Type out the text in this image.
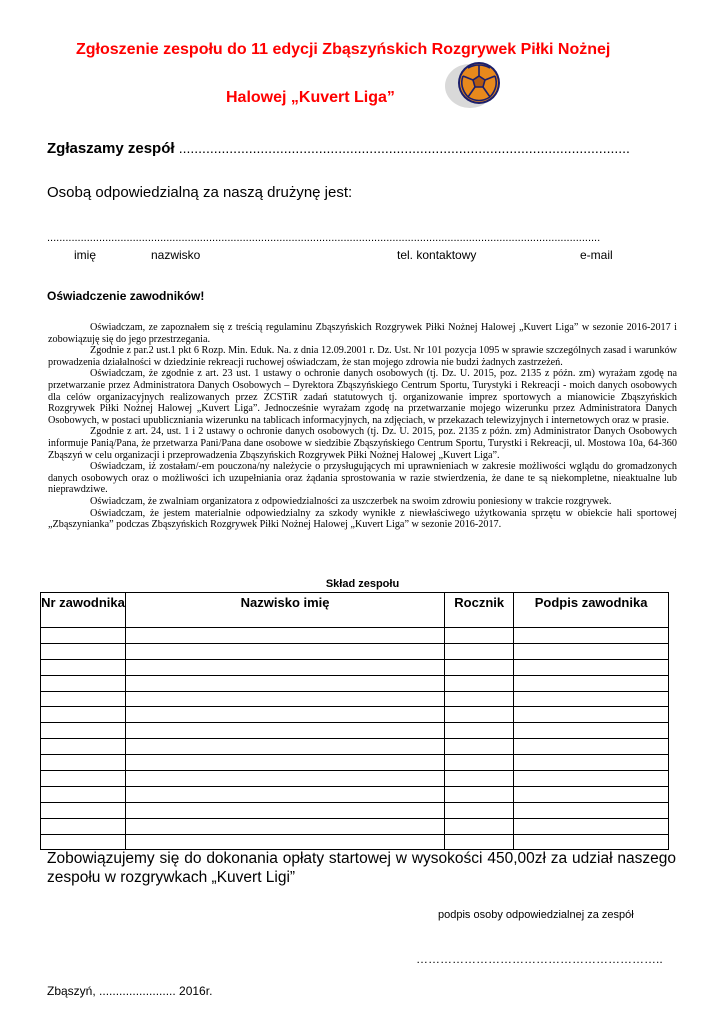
Zgłoszenie zespołu do 11 edycji Zbąszyńskich Rozgrywek Piłki Nożnej
Halowej „Kuvert Liga”
Zgłaszamy zespół ....................................................................................................................
Osobą odpowiedzialną za naszą drużynę jest:
.....................................................................................................................................................................................
imię	nazwisko	tel. kontaktowy	e-mail
Oświadczenie zawodników!

Oświadczam, ze zapoznałem się z treścią regulaminu Zbąszyńskich Rozgrywek Piłki Nożnej Halowej „Kuvert Liga” w sezonie 2016-2017 i zobowiązuję się do jego przestrzegania.

Zgodnie z par.2 ust.1 pkt 6 Rozp. Min. Eduk. Na. z dnia 12.09.2001 r. Dz. Ust. Nr 101 pozycja 1095 w sprawie szczególnych zasad i warunków prowadzenia działalności w dziedzinie rekreacji ruchowej oświadczam, że stan mojego zdrowia nie budzi żadnych zastrzeżeń.

Oświadczam, że zgodnie z art. 23 ust. 1 ustawy o ochronie danych osobowych (tj. Dz. U. 2015, poz. 2135 z późn. zm) wyrażam zgodę na przetwarzanie przez Administratora Danych Osobowych – Dyrektora Zbąszyńskiego Centrum Sportu, Turystyki i Rekreacji - moich danych osobowych dla celów organizacyjnych realizowanych przez ZCSTiR zadań statutowych tj. organizowanie imprez sportowych a mianowicie Zbąszyńskich Rozgrywek Piłki Nożnej Halowej „Kuvert Liga”. Jednocześnie wyrażam zgodę na przetwarzanie mojego wizerunku przez Administratora Danych Osobowych, w postaci upubliczniania wizerunku na tablicach informacyjnych, na zdjęciach, w przekazach telewizyjnych i internetowych oraz w prasie.

Zgodnie z art. 24, ust. 1 i 2 ustawy o ochronie danych osobowych (tj. Dz. U. 2015, poz. 2135 z późn. zm) Administrator Danych Osobowych informuje Panią/Pana, że przetwarza Pani/Pana dane osobowe w siedzibie Zbąszyńskiego Centrum Sportu, Turystki i Rekreacji, ul. Mostowa 10a, 64-360 Zbąszyń w celu organizacji i przeprowadzenia Zbąszyńskich Rozgrywek Piłki Nożnej Halowej „Kuvert Liga”.

Oświadczam, iż zostałam/-em pouczona/ny należycie o przysługujących mi uprawnieniach w zakresie możliwości wglądu do gromadzonych danych osobowych oraz o możliwości ich uzupełniania oraz żądania sprostowania w razie stwierdzenia, że dane te są niekompletne, nieaktualne lub nieprawdziwe.

Oświadczam, że zwalniam organizatora z odpowiedzialności za uszczerbek na swoim zdrowiu poniesiony w trakcie rozgrywek.

Oświadczam, że jestem materialnie odpowiedzialny za szkody wynikłe z niewłaściwego użytkowania sprzętu w obiekcie hali sportowej „Zbąszynianka” podczas Zbąszyńskich Rozgrywek Piłki Nożnej Halowej „Kuvert Liga” w sezonie 2016-2017.

Skład zespołu
Nr zawodnika	Nazwisko imię	Rocznik	Podpis zawodnika

Zobowiązujemy się do dokonania opłaty startowej w wysokości 450,00zł za udział naszego zespołu w rozgrywkach „Kuvert Ligi”
podpis osoby odpowiedzialnej za zespół
……………………………………………………..
Zbąszyń, ....................... 2016r.
